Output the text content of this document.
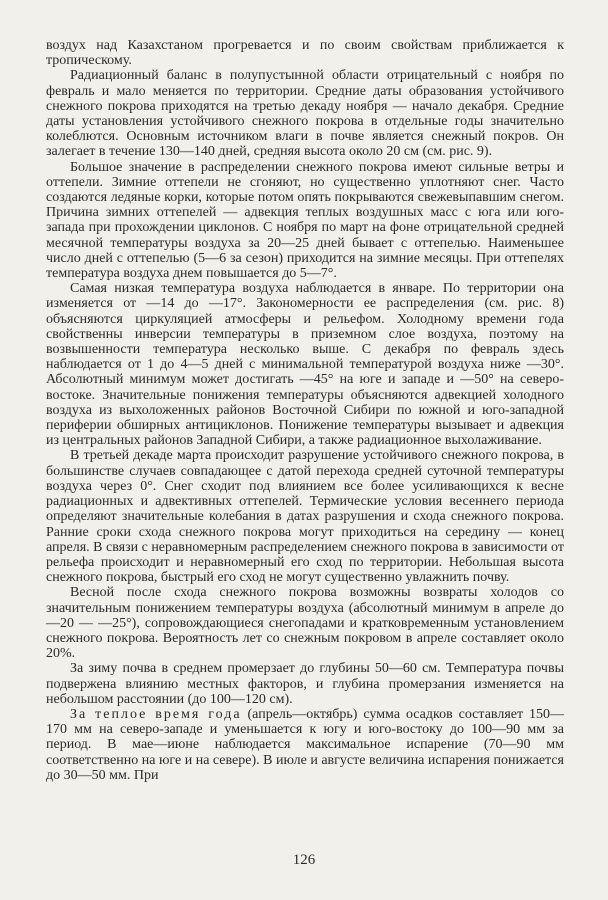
воздух над Казахстаном прогревается и по своим свойствам приближается к тропическому.

Радиационный баланс в полупустынной области отрицательный с ноября по февраль и мало меняется по территории. Средние даты образования устойчивого снежного покрова приходятся на третью декаду ноября — начало декабря. Средние даты установления устойчивого снежного покрова в отдельные годы значительно колеблются. Основным источником влаги в почве является снежный покров. Он залегает в течение 130—140 дней, средняя высота около 20 см (см. рис. 9).

Большое значение в распределении снежного покрова имеют сильные ветры и оттепели. Зимние оттепели не сгоняют, но существенно уплотняют снег. Часто создаются ледяные корки, которые потом опять покрываются свежевыпавшим снегом. Причина зимних оттепелей — адвекция теплых воздушных масс с юга или юго-запада при прохождении циклонов. С ноября по март на фоне отрицательной средней месячной температуры воздуха за 20—25 дней бывает с оттепелью. Наименьшее число дней с оттепелью (5—6 за сезон) приходится на зимние месяцы. При оттепелях температура воздуха днем повышается до 5—7°.

Самая низкая температура воздуха наблюдается в январе. По территории она изменяется от —14 до —17°. Закономерности ее распределения (см. рис. 8) объясняются циркуляцией атмосферы и рельефом. Холодному времени года свойственны инверсии температуры в приземном слое воздуха, поэтому на возвышенности температура несколько выше. С декабря по февраль здесь наблюдается от 1 до 4—5 дней с минимальной температурой воздуха ниже —30°. Абсолютный минимум может достигать —45° на юге и западе и —50° на северо-востоке. Значительные понижения температуры объясняются адвекцией холодного воздуха из выхоложенных районов Восточной Сибири по южной и юго-западной периферии обширных антициклонов. Понижение температуры вызывает и адвекция из центральных районов Западной Сибири, а также радиационное выхолаживание.

В третьей декаде марта происходит разрушение устойчивого снежного покрова, в большинстве случаев совпадающее с датой перехода средней суточной температуры воздуха через 0°. Снег сходит под влиянием все более усиливающихся к весне радиационных и адвективных оттепелей. Термические условия весеннего периода определяют значительные колебания в датах разрушения и схода снежного покрова. Ранние сроки схода снежного покрова могут приходиться на середину — конец апреля. В связи с неравномерным распределением снежного покрова в зависимости от рельефа происходит и неравномерный его сход по территории. Небольшая высота снежного покрова, быстрый его сход не могут существенно увлажнить почву.

Весной после схода снежного покрова возможны возвраты холодов со значительным понижением температуры воздуха (абсолютный минимум в апреле до —20 — —25°), сопровождающиеся снегопадами и кратковременным установлением снежного покрова. Вероятность лет со снежным покровом в апреле составляет около 20%.

За зиму почва в среднем промерзает до глубины 50—60 см. Температура почвы подвержена влиянию местных факторов, и глубина промерзания изменяется на небольшом расстоянии (до 100—120 см).

За теплое время года (апрель—октябрь) сумма осадков составляет 150—170 мм на северо-западе и уменьшается к югу и юго-востоку до 100—90 мм за период. В мае—июне наблюдается максимальное испарение (70—90 мм соответственно на юге и на севере). В июле и августе величина испарения понижается до 30—50 мм. При

126
